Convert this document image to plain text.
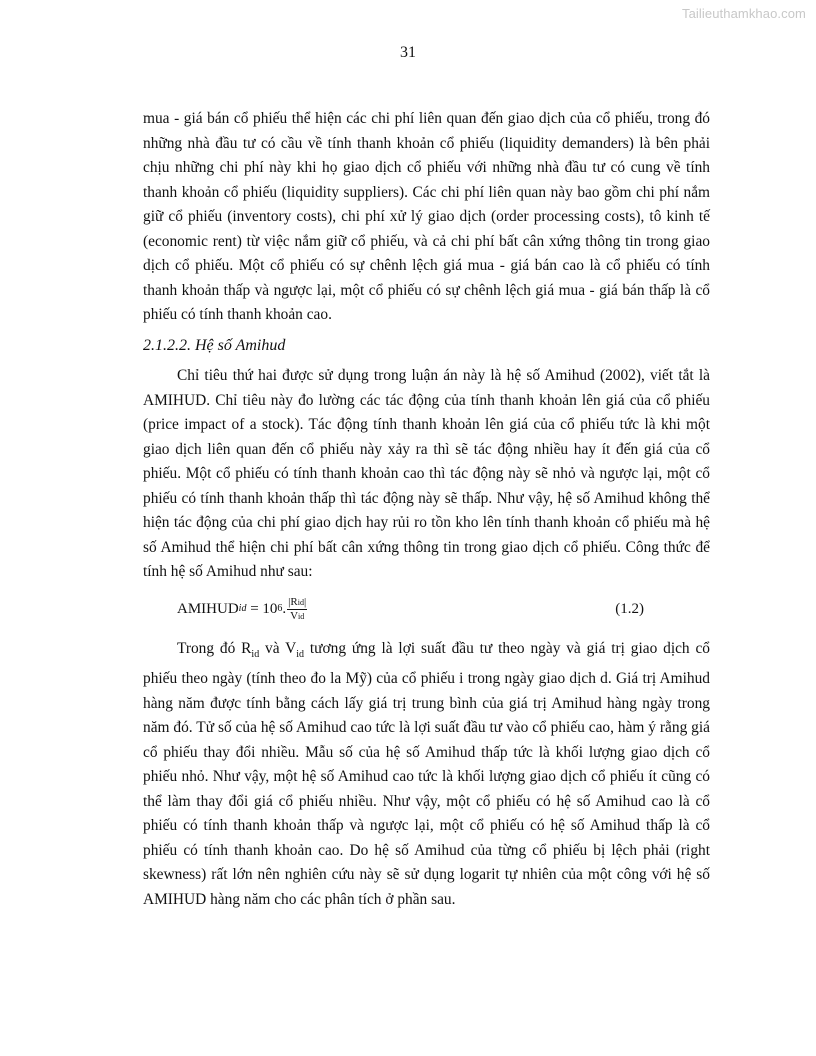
Tailieuthamkhao.com
31

mua - giá bán cổ phiếu thể hiện các chi phí liên quan đến giao dịch của cổ phiếu, trong đó những nhà đầu tư có cầu về tính thanh khoản cổ phiếu (liquidity demanders) là bên phải chịu những chi phí này khi họ giao dịch cổ phiếu với những nhà đầu tư có cung về tính thanh khoản cổ phiếu (liquidity suppliers). Các chi phí liên quan này bao gồm chi phí nắm giữ cổ phiếu (inventory costs), chi phí xử lý giao dịch (order processing costs), tô kinh tế (economic rent) từ việc nắm giữ cổ phiếu, và cả chi phí bất cân xứng thông tin trong giao dịch cổ phiếu. Một cổ phiếu có sự chênh lệch giá mua - giá bán cao là cổ phiếu có tính thanh khoản thấp và ngược lại, một cổ phiếu có sự chênh lệch giá mua - giá bán thấp là cổ phiếu có tính thanh khoản cao.

2.1.2.2. Hệ số Amihud

Chỉ tiêu thứ hai được sử dụng trong luận án này là hệ số Amihud (2002), viết tắt là AMIHUD. Chỉ tiêu này đo lường các tác động của tính thanh khoản lên giá của cổ phiếu (price impact of a stock). Tác động tính thanh khoản lên giá của cổ phiếu tức là khi một giao dịch liên quan đến cổ phiếu này xảy ra thì sẽ tác động nhiều hay ít đến giá của cổ phiếu. Một cổ phiếu có tính thanh khoản cao thì tác động này sẽ nhỏ và ngược lại, một cổ phiếu có tính thanh khoản thấp thì tác động này sẽ thấp. Như vậy, hệ số Amihud không thể hiện tác động của chi phí giao dịch hay rủi ro tồn kho lên tính thanh khoản cổ phiếu mà hệ số Amihud thể hiện chi phí bất cân xứng thông tin trong giao dịch cổ phiếu. Công thức để tính hệ số Amihud như sau:

AMIHUD id = 10 6 . $\frac{\text{|Rid|}}{\text{Vid}}$	(1.2)

Trong đó $R_{id}$ và $V_{id}$ tương ứng là lợi suất đầu tư theo ngày và giá trị giao dịch cổ phiếu theo ngày (tính theo đo la Mỹ) của cổ phiếu i trong ngày giao dịch d. Giá trị Amihud hàng năm được tính bằng cách lấy giá trị trung bình của giá trị Amihud hàng ngày trong năm đó. Tử số của hệ số Amihud cao tức là lợi suất đầu tư vào cổ phiếu cao, hàm ý rằng giá cổ phiếu thay đổi nhiều. Mẫu số của hệ số Amihud thấp tức là khối lượng giao dịch cổ phiếu nhỏ. Như vậy, một hệ số Amihud cao tức là khối lượng giao dịch cổ phiếu ít cũng có thể làm thay đổi giá cổ phiếu nhiều. Như vậy, một cổ phiếu có hệ số Amihud cao là cổ phiếu có tính thanh khoản thấp và ngược lại, một cổ phiếu có hệ số Amihud thấp là cổ phiếu có tính thanh khoản cao. Do hệ số Amihud của từng cổ phiếu bị lệch phải (right skewness) rất lớn nên nghiên cứu này sẽ sử dụng logarit tự nhiên của một công với hệ số AMIHUD hàng năm cho các phân tích ở phần sau.
